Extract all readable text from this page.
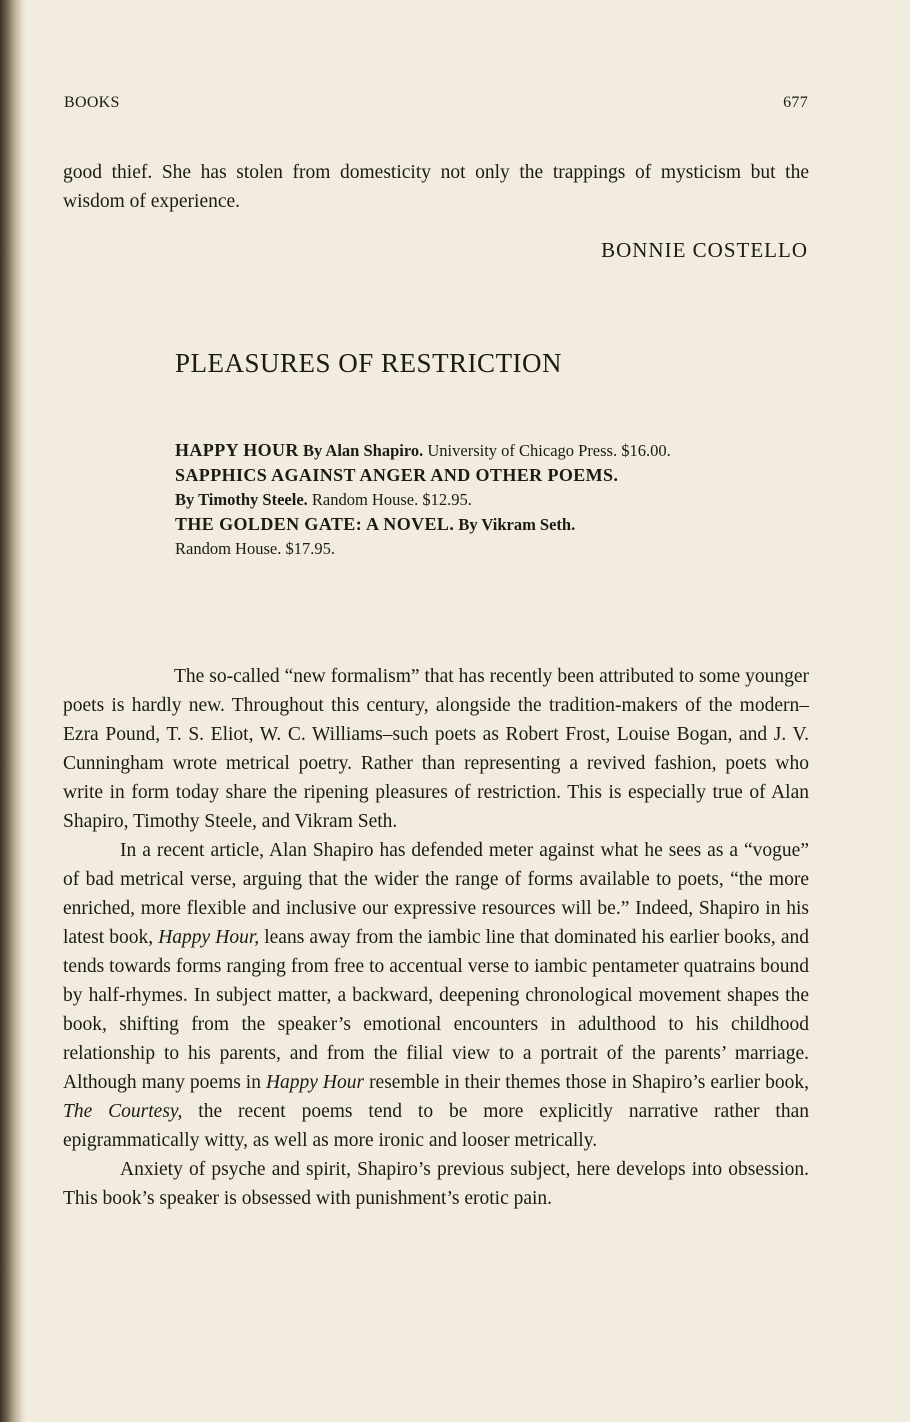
BOOKS	677
good thief. She has stolen from domesticity not only the trappings of mysticism but the wisdom of experience.
BONNIE COSTELLO
PLEASURES OF RESTRICTION
HAPPY HOUR By Alan Shapiro. University of Chicago Press. $16.00.
SAPPHICS AGAINST ANGER AND OTHER POEMS.
By Timothy Steele. Random House. $12.95.
THE GOLDEN GATE: A NOVEL. By Vikram Seth.
Random House. $17.95.

The so-called “new formalism” that has recently been attributed to some younger poets is hardly new. Throughout this century, alongside the tradition-makers of the modern–Ezra Pound, T. S. Eliot, W. C. Williams–such poets as Robert Frost, Louise Bogan, and J. V. Cunningham wrote metrical poetry. Rather than representing a revived fashion, poets who write in form today share the ripening pleasures of restriction. This is especially true of Alan Shapiro, Timothy Steele, and Vikram Seth.

In a recent article, Alan Shapiro has defended meter against what he sees as a “vogue” of bad metrical verse, arguing that the wider the range of forms available to poets, “the more enriched, more flexible and inclusive our expressive resources will be.” Indeed, Shapiro in his latest book, Happy Hour, leans away from the iambic line that dominated his earlier books, and tends towards forms ranging from free to accentual verse to iambic pentameter quatrains bound by half-rhymes. In subject matter, a backward, deepening chronological movement shapes the book, shifting from the speaker’s emotional encounters in adulthood to his childhood relationship to his parents, and from the filial view to a portrait of the parents’ marriage. Although many poems in Happy Hour resemble in their themes those in Shapiro’s earlier book, The Courtesy, the recent poems tend to be more explicitly narrative rather than epigrammatically witty, as well as more ironic and looser metrically.

Anxiety of psyche and spirit, Shapiro’s previous subject, here develops into obsession. This book’s speaker is obsessed with punishment’s erotic pain.
